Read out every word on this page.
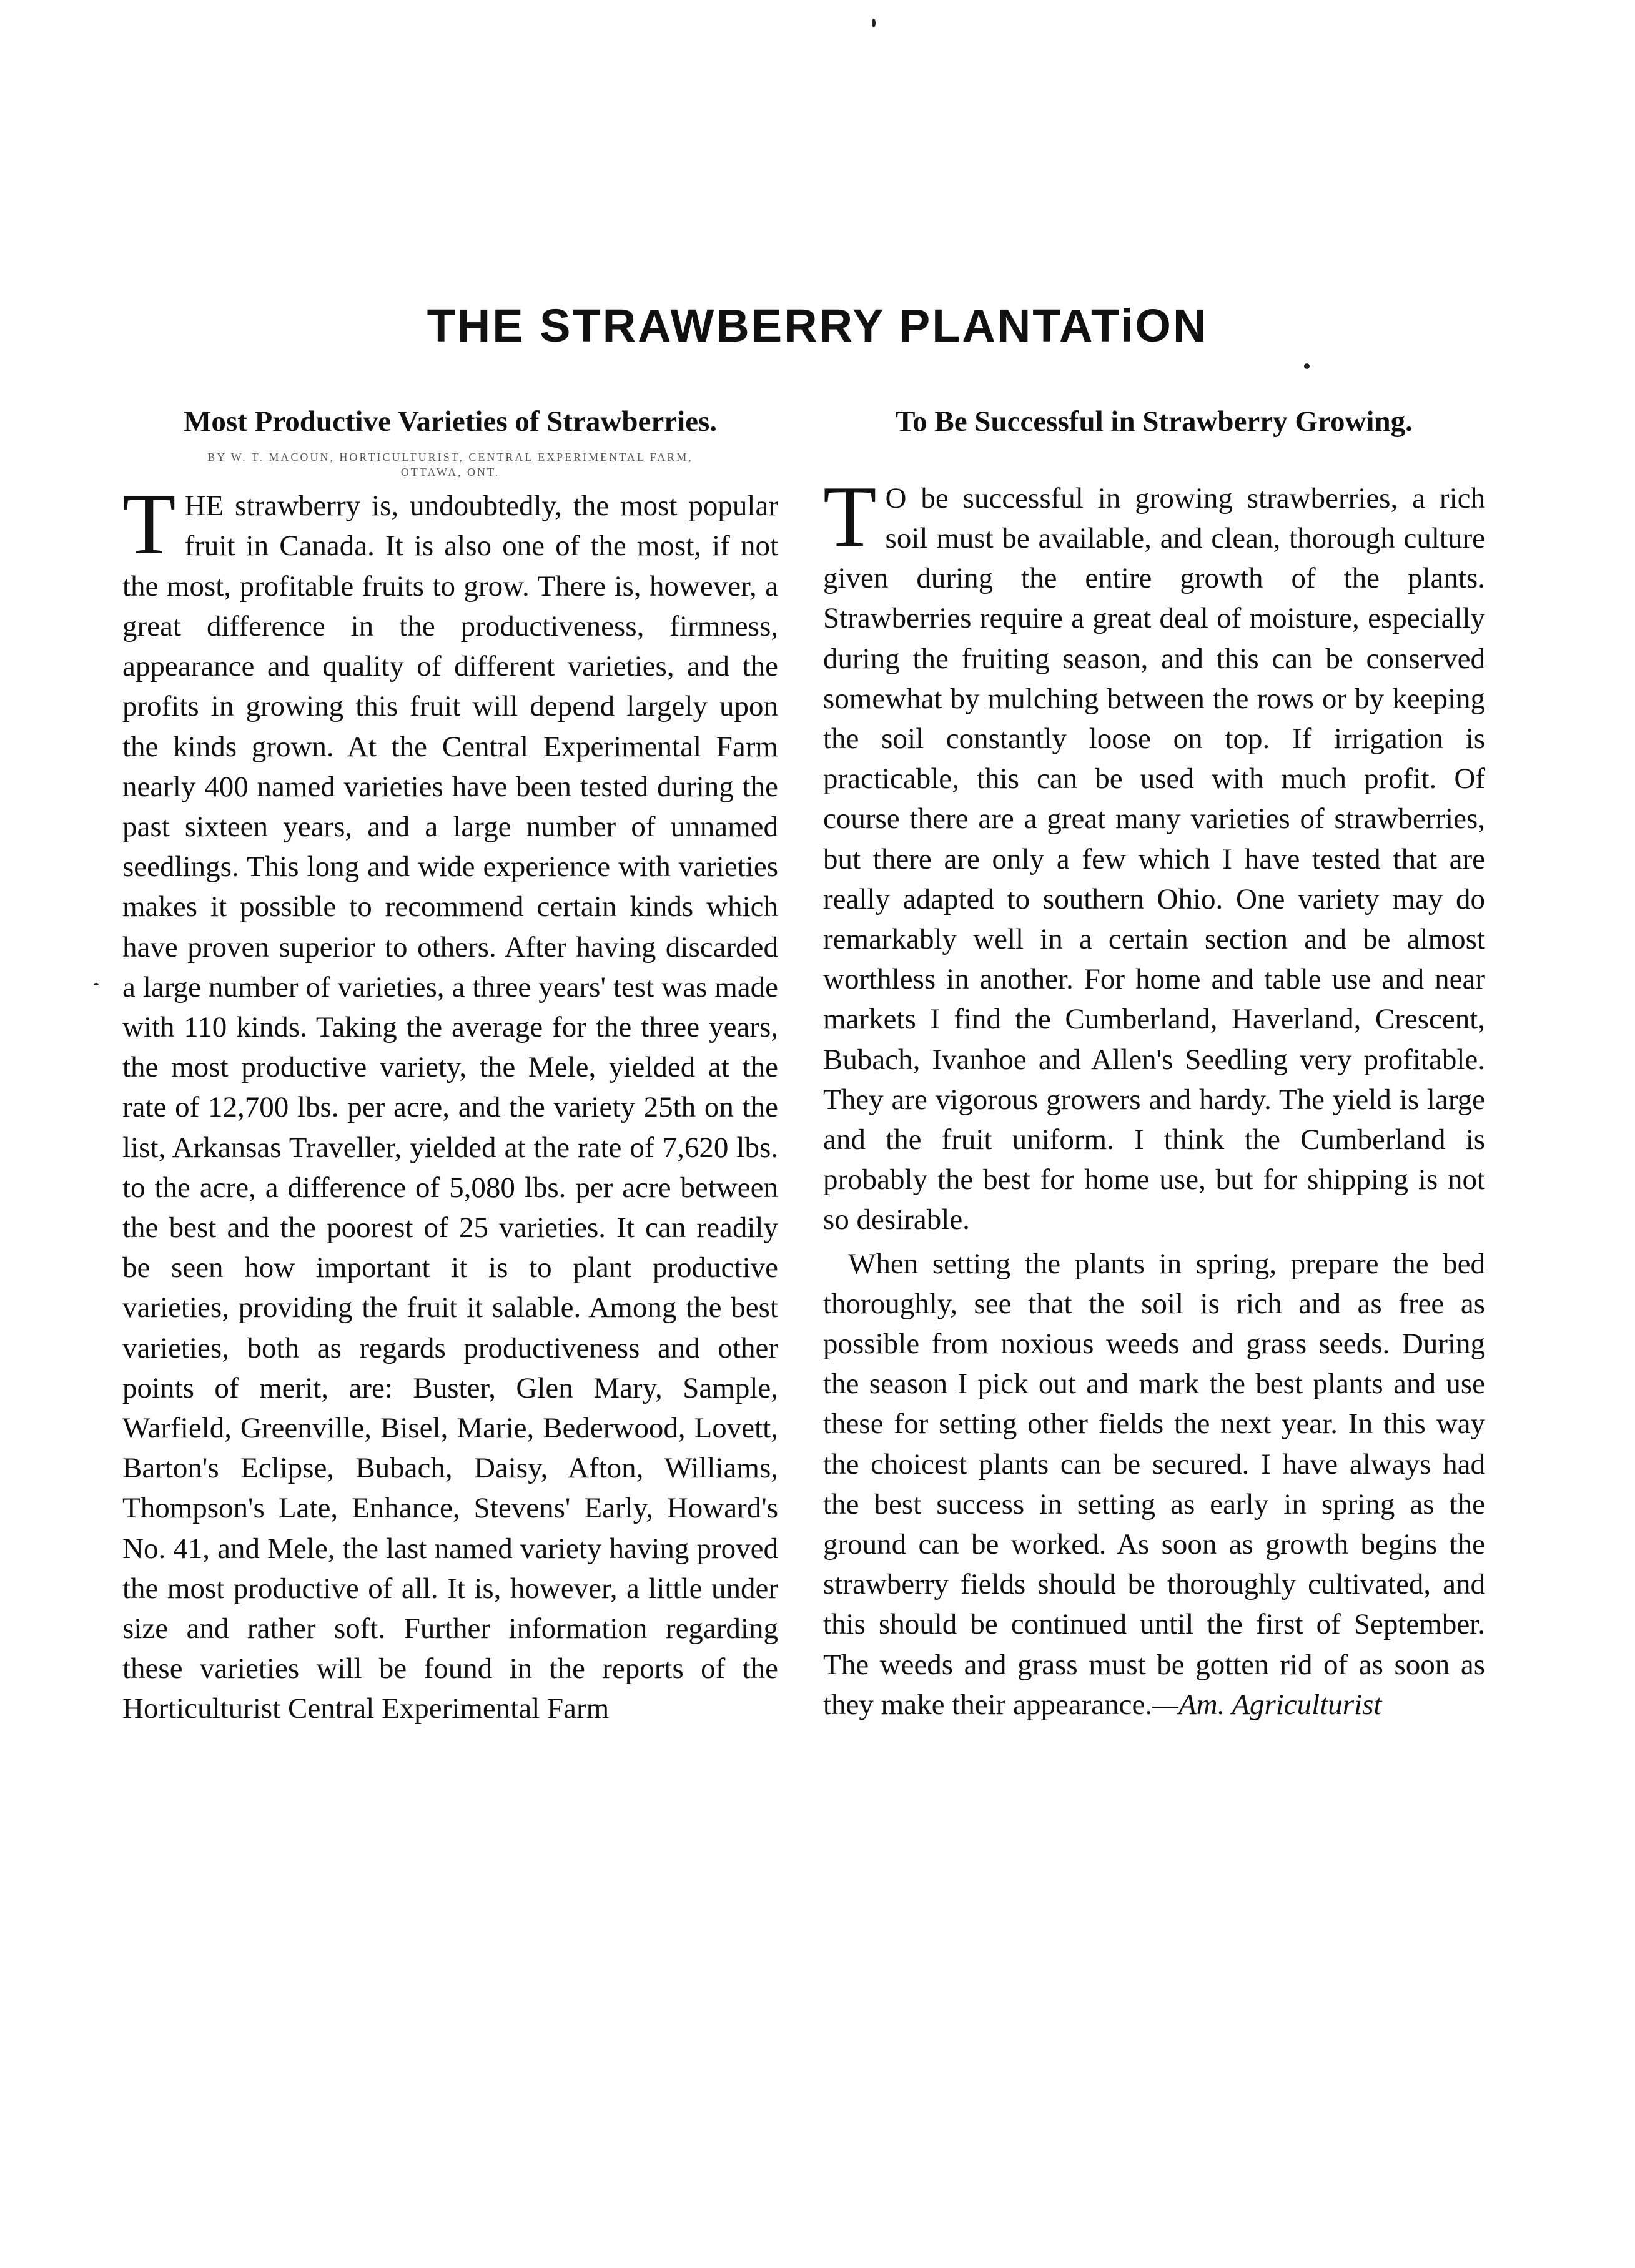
THE STRAWBERRY PLANTATiON
Most Productive Varieties of Strawberries.
BY W. T. MACOUN, HORTICULTURIST, CENTRAL EXPERIMENTAL FARM,
OTTAWA, ONT.

THE strawberry is, undoubtedly, the most popular fruit in Canada. It is also one of the most, if not the most, profitable fruits to grow. There is, however, a great difference in the productiveness, firmness, appearance and quality of different varieties, and the profits in growing this fruit will depend largely upon the kinds grown. At the Central Experimental Farm nearly 400 named varieties have been tested during the past sixteen years, and a large number of unnamed seedlings. This long and wide experience with varieties makes it possible to recommend certain kinds which have proven superior to others. After having discarded a large number of varieties, a three years' test was made with 110 kinds. Taking the average for the three years, the most productive variety, the Mele, yielded at the rate of 12,700 lbs. per acre, and the variety 25th on the list, Arkansas Traveller, yielded at the rate of 7,620 lbs. to the acre, a difference of 5,080 lbs. per acre between the best and the poorest of 25 varieties. It can readily be seen how important it is to plant productive varieties, providing the fruit it salable. Among the best varieties, both as regards productiveness and other points of merit, are: Buster, Glen Mary, Sample, Warfield, Greenville, Bisel, Marie, Bederwood, Lovett, Barton's Eclipse, Bubach, Daisy, Afton, Williams, Thompson's Late, Enhance, Stevens' Early, Howard's No. 41, and Mele, the last named variety having proved the most productive of all. It is, however, a little under size and rather soft. Further information regarding these varieties will be found in the reports of the Horticulturist Central Experimental Farm

To Be Successful in Strawberry Growing.

T O be successful in growing strawberries, a rich soil must be available, and clean, thorough culture given during the entire growth of the plants. Strawberries require a great deal of moisture, especially during the fruiting season, and this can be conserved somewhat by mulching between the rows or by keeping the soil constantly loose on top. If irrigation is practicable, this can be used with much profit. Of course there are a great many varieties of strawberries, but there are only a few which I have tested that are really adapted to southern Ohio. One variety may do remarkably well in a certain section and be almost worthless in another. For home and table use and near markets I find the Cumberland, Haverland, Crescent, Bubach, Ivanhoe and Allen's Seedling very profitable. They are vigorous growers and hardy. The yield is large and the fruit uniform. I think the Cumberland is probably the best for home use, but for shipping is not so desirable.

When setting the plants in spring, prepare the bed thoroughly, see that the soil is rich and as free as possible from noxious weeds and grass seeds. During the season I pick out and mark the best plants and use these for setting other fields the next year. In this way the choicest plants can be secured. I have always had the best success in setting as early in spring as the ground can be worked. As soon as growth begins the strawberry fields should be thoroughly cultivated, and this should be continued until the first of September. The weeds and grass must be gotten rid of as soon as they make their appearance.—Am. Agriculturist
